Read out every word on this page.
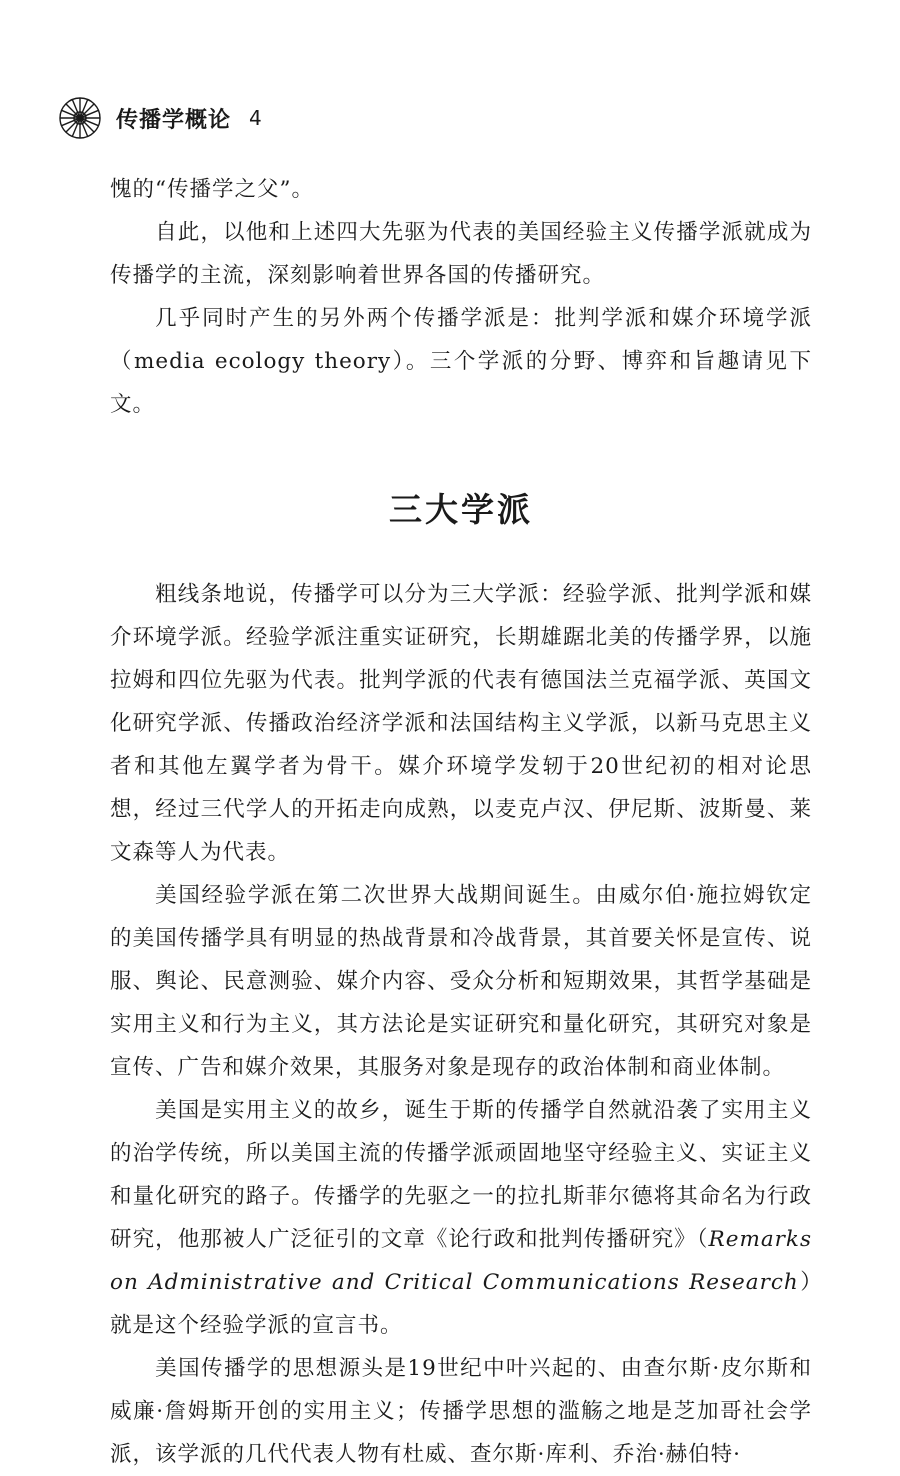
传播学概论 4

愧的“传播学之父”。

自此，以他和上述四大先驱为代表的美国经验主义传播学派就成为传播学的主流，深刻影响着世界各国的传播研究。

几乎同时产生的另外两个传播学派是：批判学派和媒介环境学派（media ecology theory）。三个学派的分野、博弈和旨趣请见下文。

三大学派

粗线条地说，传播学可以分为三大学派：经验学派、批判学派和媒介环境学派。经验学派注重实证研究，长期雄踞北美的传播学界，以施拉姆和四位先驱为代表。批判学派的代表有德国法兰克福学派、英国文化研究学派、传播政治经济学派和法国结构主义学派，以新马克思主义者和其他左翼学者为骨干。媒介环境学发轫于20世纪初的相对论思想，经过三代学人的开拓走向成熟，以麦克卢汉、伊尼斯、波斯曼、莱文森等人为代表。

美国经验学派在第二次世界大战期间诞生。由威尔伯·施拉姆钦定的美国传播学具有明显的热战背景和冷战背景，其首要关怀是宣传、说服、舆论、民意测验、媒介内容、受众分析和短期效果，其哲学基础是实用主义和行为主义，其方法论是实证研究和量化研究，其研究对象是宣传、广告和媒介效果，其服务对象是现存的政治体制和商业体制。

美国是实用主义的故乡，诞生于斯的传播学自然就沿袭了实用主义的治学传统，所以美国主流的传播学派顽固地坚守经验主义、实证主义和量化研究的路子。传播学的先驱之一的拉扎斯菲尔德将其命名为行政研究，他那被人广泛征引的文章《论行政和批判传播研究》（Remarks on Administrative and Critical Communications Research）就是这个经验学派的宣言书。

美国传播学的思想源头是19世纪中叶兴起的、由查尔斯·皮尔斯和威廉·詹姆斯开创的实用主义；传播学思想的滥觞之地是芝加哥社会学派，该学派的几代代表人物有杜威、查尔斯·库利、乔治·赫伯特·
